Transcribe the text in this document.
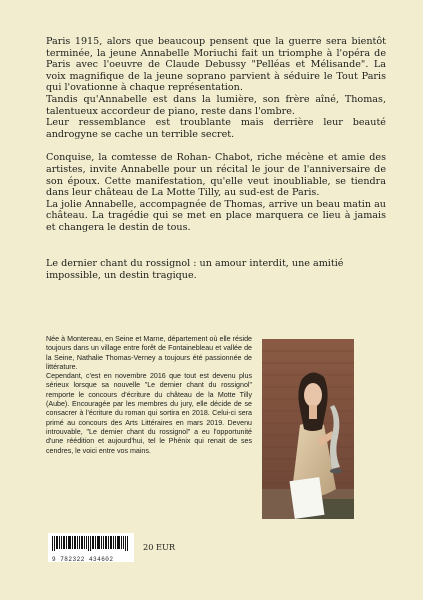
Paris 1915, alors que beaucoup pensent que la guerre sera bientôt terminée, la jeune Annabelle Moriuchi fait un triomphe à l'opéra de Paris avec l'oeuvre de Claude Debussy "Pelléas et Mélisande". La voix magnifique de la jeune soprano parvient à séduire le Tout Paris qui l'ovationne à chaque représentation.

Tandis qu'Annabelle est dans la lumière, son frère aîné, Thomas, talentueux accordeur de piano, reste dans l'ombre.

Leur ressemblance est troublante mais derrière leur beauté androgyne se cache un terrible secret.

Conquise, la comtesse de Rohan- Chabot, riche mécène et amie des artistes, invite Annabelle pour un récital le jour de l'anniversaire de son époux. Cette manifestation, qu'elle veut inoubliable, se tiendra dans leur château de La Motte Tilly, au sud-est de Paris.

La jolie Annabelle, accompagnée de Thomas, arrive un beau matin au château. La tragédie qui se met en place marquera ce lieu à jamais et changera le destin de tous.

Le dernier chant du rossignol : un amour interdit, une amitié impossible, un destin tragique.

Née à Montereau, en Seine et Marne, département où elle réside toujours dans un village entre forêt de Fontainebleau et vallée de la Seine, Nathalie Thomas-Verney a toujours été passionnée de littérature.

Cependant, c'est en novembre 2016 que tout est devenu plus sérieux lorsque sa nouvelle "Le dernier chant du rossignol" remporte le concours d'écriture du château de la Motte Tilly (Aube). Encouragée par les membres du jury, elle décide de se consacrer à l'écriture du roman qui sortira en 2018. Celui-ci sera primé au concours des Arts Littéraires en mars 2019. Devenu introuvable, "Le dernier chant du rossignol" a eu l'opportunité d'une réédition et aujourd'hui, tel le Phénix qui renait de ses cendres, le voici entre vos mains.

9 782322 434602
20 EUR
